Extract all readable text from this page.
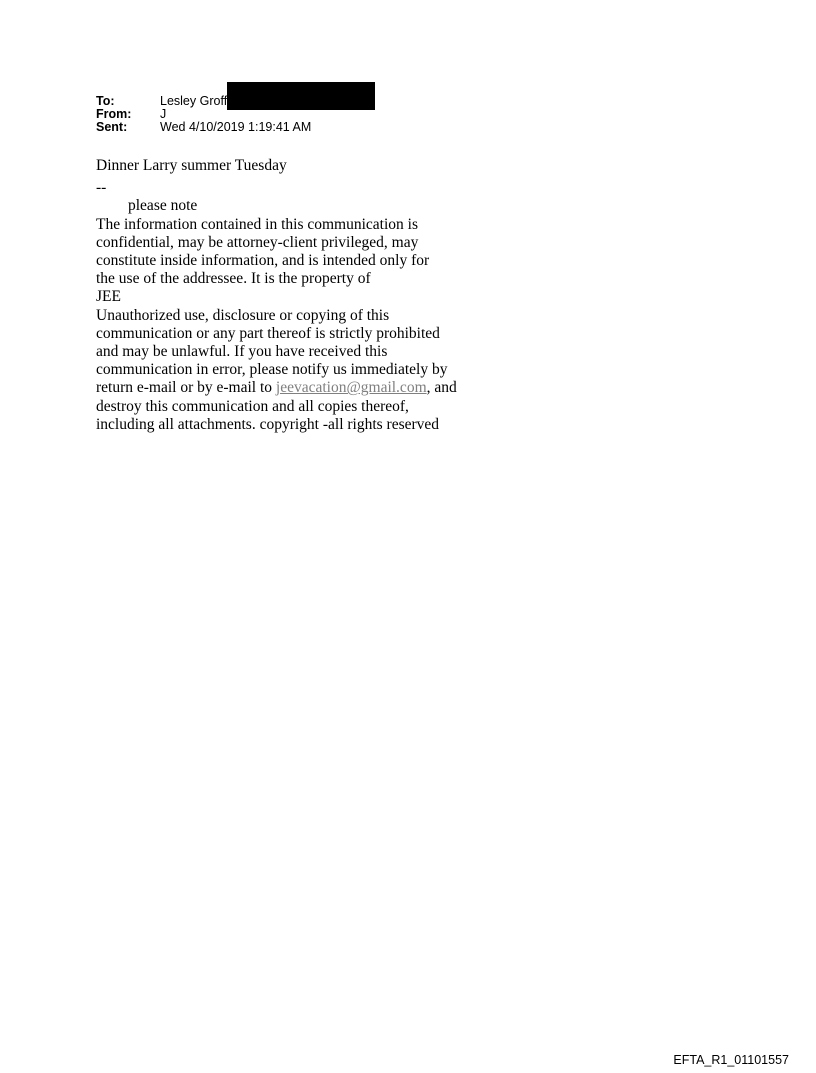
To:	Lesley Groff
From:	J
Sent:	Wed 4/10/2019 1:19:41 AM

Dinner Larry summer Tuesday

--

please note

The information contained in this communication is

confidential, may be attorney-client privileged, may

constitute inside information, and is intended only for

the use of the addressee. It is the property of

JEE

Unauthorized use, disclosure or copying of this

communication or any part thereof is strictly prohibited

and may be unlawful. If you have received this

communication in error, please notify us immediately by

return e-mail or by e-mail to jeevacation@gmail.com, and

destroy this communication and all copies thereof,

including all attachments. copyright -all rights reserved

EFTA_R1_01101557
